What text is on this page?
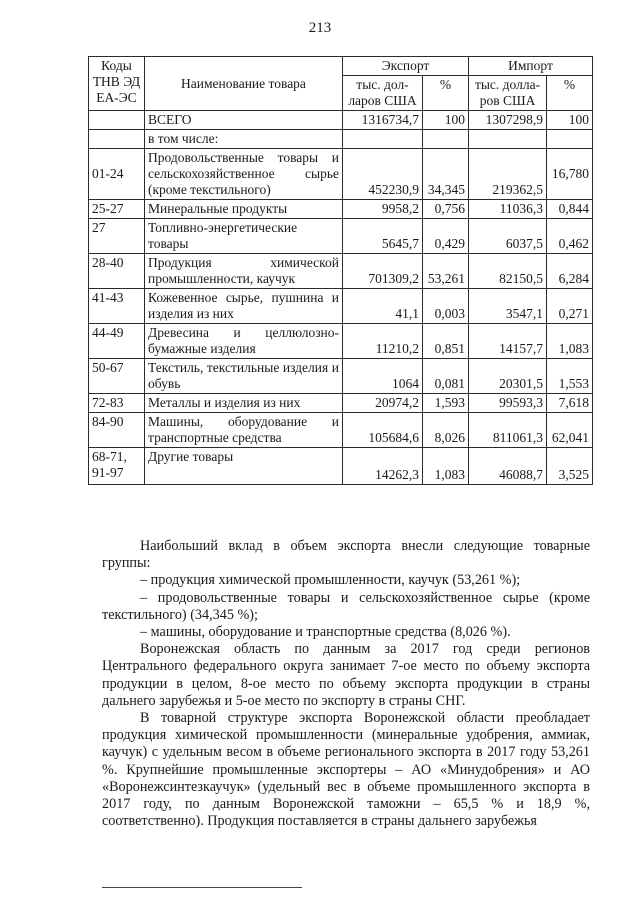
213
Коды ТНВ ЭД ЕА-ЭС	Наименование товара	Экспорт		Импорт	
		тыс. дол-ларов США	%	тыс. долла-ров США	%
	ВСЕГО	1316734,7	100	1307298,9	100
	в том числе:				
01-24	Продовольственные товары и сельскохозяйственное сырье (кроме текстильного)	452230,9	34,345	219362,5	16,780
25-27	Минеральные продукты	9958,2	0,756	11036,3	0,844
27	Топливно-энергетические товары	5645,7	0,429	6037,5	0,462
28-40	Продукция химической промышленности, каучук	701309,2	53,261	82150,5	6,284
41-43	Кожевенное сырье, пушнина и изделия из них	41,1	0,003	3547,1	0,271
44-49	Древесина и целлюлозно-бумажные изделия	11210,2	0,851	14157,7	1,083
50-67	Текстиль, текстильные изделия и обувь	1064	0,081	20301,5	1,553
72-83	Металлы и изделия из них	20974,2	1,593	99593,3	7,618
84-90	Машины, оборудование и транспортные средства	105684,6	8,026	811061,3	62,041
68-71, 91-97	Другие товары	14262,3	1,083	46088,7	3,525

Наибольший вклад в объем экспорта внесли следующие товарные группы:

– продукция химической промышленности, каучук (53,261 %);

– продовольственные товары и сельскохозяйственное сырье (кроме текстильного) (34,345 %);

– машины, оборудование и транспортные средства (8,026 %).

Воронежская область по данным за 2017 год среди регионов Центрального федерального округа занимает 7-ое место по объему экспорта продукции в целом, 8-ое место по объему экспорта продукции в страны дальнего зарубежья и 5-ое место по экспорту в страны СНГ.

В товарной структуре экспорта Воронежской области преобладает продукция химической промышленности (минеральные удобрения, аммиак, каучук) с удельным весом в объеме регионального экспорта в 2017 году 53,261 %. Крупнейшие промышленные экспортеры – АО «Минудобрения» и АО «Воронежсинтезкаучук» (удельный вес в объеме промышленного экспорта в 2017 году, по данным Воронежской таможни – 65,5 % и 18,9 %, соответственно). Продукция поставляется в страны дальнего зарубежья
